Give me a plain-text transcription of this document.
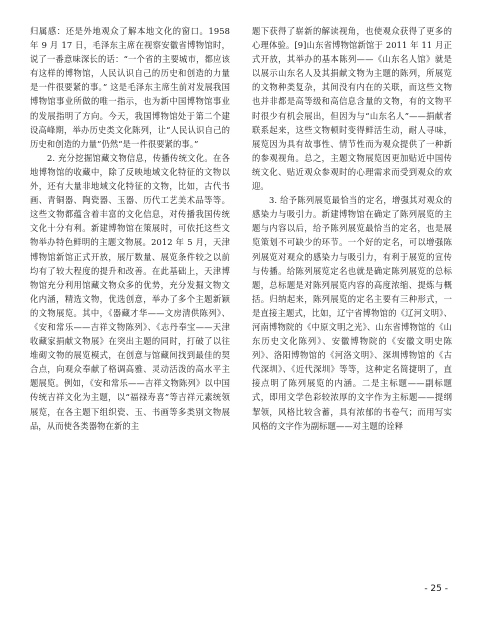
归属感：还是外地观众了解本地文化的窗口。1958 年 9 月 17 日，毛泽东主席在视察安徽省博物馆时，说了一番意味深长的话：“一个省的主要城市，都应该有这样的博物馆，人民认识自己的历史和创造的力量是一件很要紧的事。” 这是毛泽东主席生前对发展我国博物馆事业所做的唯一指示，也为新中国博物馆事业的发展指明了方向。今天，我国博物馆处于第二个建设高峰期，举办历史类文化陈列，让“人民认识自己的历史和创造的力量”仍然“是一件很要紧的事。”

2. 充分挖掘馆藏文物信息，传播传统文化。在各地博物馆的收藏中，除了反映地域文化特征的文物以外，还有大量非地域文化特征的文物，比如，古代书画、青铜器、陶瓷器、玉器、历代工艺美术品等等。这些文物都蕴含着丰富的文化信息，对传播我国传统文化十分有利。新建博物馆在策展时，可依托这些文物举办特色鲜明的主题文物展。2012 年 5 月，天津博物馆新馆正式开放，展厅数量、展览条件较之以前均有了较大程度的提升和改善。在此基础上，天津博物馆充分利用馆藏文物众多的优势，充分发掘文物文化内涵，精选文物，优选创意，举办了多个主题新颖的文物展览。其中，《器藏才华——文房清供陈列》、《安和常乐——吉祥文物陈列》、《志丹奉宝——天津收藏家捐献文物展》在突出主题的同时，打破了以往堆砌文物的展览模式，在创意与馆藏间找到最佳的契合点，向观众奉献了格调高雅、灵动活泼的高水平主题展览。例如，《安和常乐——吉祥文物陈列》以中国传统吉祥文化为主题，以“福禄寿喜”等吉祥元素统领展览，在各主题下组织瓷、玉、书画等多类别文物展品，从而使各类器物在新的主

题下获得了崭新的解读视角，也使观众获得了更多的心理体验。[9]山东省博物馆新馆于 2011 年 11 月正式开放，其举办的基本陈列——《山东名人馆》就是以展示山东名人及其捐献文物为主题的陈列，所展览的文物种类复杂，其间没有内在的关联，而这些文物也并非都是高等级和高信息含量的文物，有的文物平时很少有机会展出，但因为与“山东名人”——捐献者联系起来，这些文物顿时变得鲜活生动，耐人寻味，展览因为具有故事性、情节性而为观众提供了一种新的参观视角。总之，主题文物展览因更加贴近中国传统文化、贴近观众参观时的心理需求而受到观众的欢迎。

3. 给予陈列展览最恰当的定名，增强其对观众的感染力与吸引力。新建博物馆在确定了陈列展览的主题与内容以后，给予陈列展览最恰当的定名，也是展览策划不可缺少的环节。一个好的定名，可以增强陈列展览对观众的感染力与吸引力，有利于展览的宣传与传播。给陈列展览定名也就是确定陈列展览的总标题，总标题是对陈列展览内容的高度浓缩、提炼与概括。归纳起来，陈列展览的定名主要有三种形式，一是直接主题式，比如，辽宁省博物馆的《辽河文明》、河南博物院的《中原文明之光》、山东省博物馆的《山东历史文化陈列》、安徽博物院的《安徽文明史陈列》、洛阳博物馆的《河洛文明》、深圳博物馆的《古代深圳》、《近代深圳》等等，这种定名简捷明了，直接点明了陈列展览的内涵。二是主标题——副标题式，即用文学色彩较浓厚的文字作为主标题——提纲挈领，风格比较含蓄，具有浓郁的书卷气；而用写实风格的文字作为副标题——对主题的诠释

- 25 -
